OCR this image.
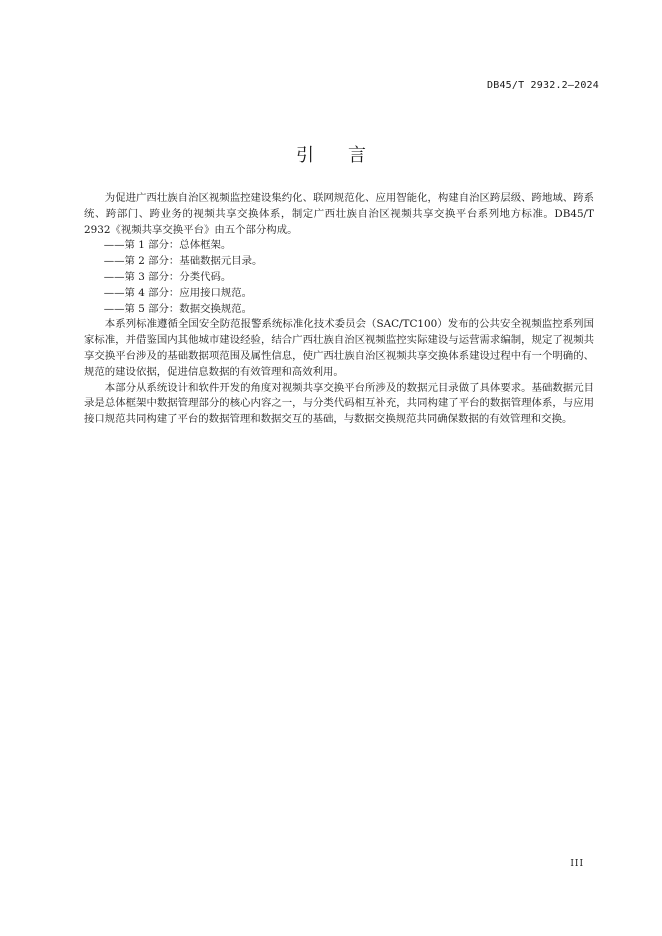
DB45/T 2932.2—2024
引言

为促进广西壮族自治区视频监控建设集约化、联网规范化、应用智能化，构建自治区跨层级、跨地域、跨系统、跨部门、跨业务的视频共享交换体系，制定广西壮族自治区视频共享交换平台系列地方标准。DB45/T 2932《视频共享交换平台》由五个部分构成。

——第 1 部分：总体框架。

——第 2 部分：基础数据元目录。

——第 3 部分：分类代码。

——第 4 部分：应用接口规范。

——第 5 部分：数据交换规范。

本系列标准遵循全国安全防范报警系统标准化技术委员会（SAC/TC100）发布的公共安全视频监控系列国家标准，并借鉴国内其他城市建设经验，结合广西壮族自治区视频监控实际建设与运营需求编制，规定了视频共享交换平台涉及的基础数据项范围及属性信息，使广西壮族自治区视频共享交换体系建设过程中有一个明确的、规范的建设依据，促进信息数据的有效管理和高效利用。

本部分从系统设计和软件开发的角度对视频共享交换平台所涉及的数据元目录做了具体要求。基础数据元目录是总体框架中数据管理部分的核心内容之一，与分类代码相互补充，共同构建了平台的数据管理体系，与应用接口规范共同构建了平台的数据管理和数据交互的基础，与数据交换规范共同确保数据的有效管理和交换。

III
